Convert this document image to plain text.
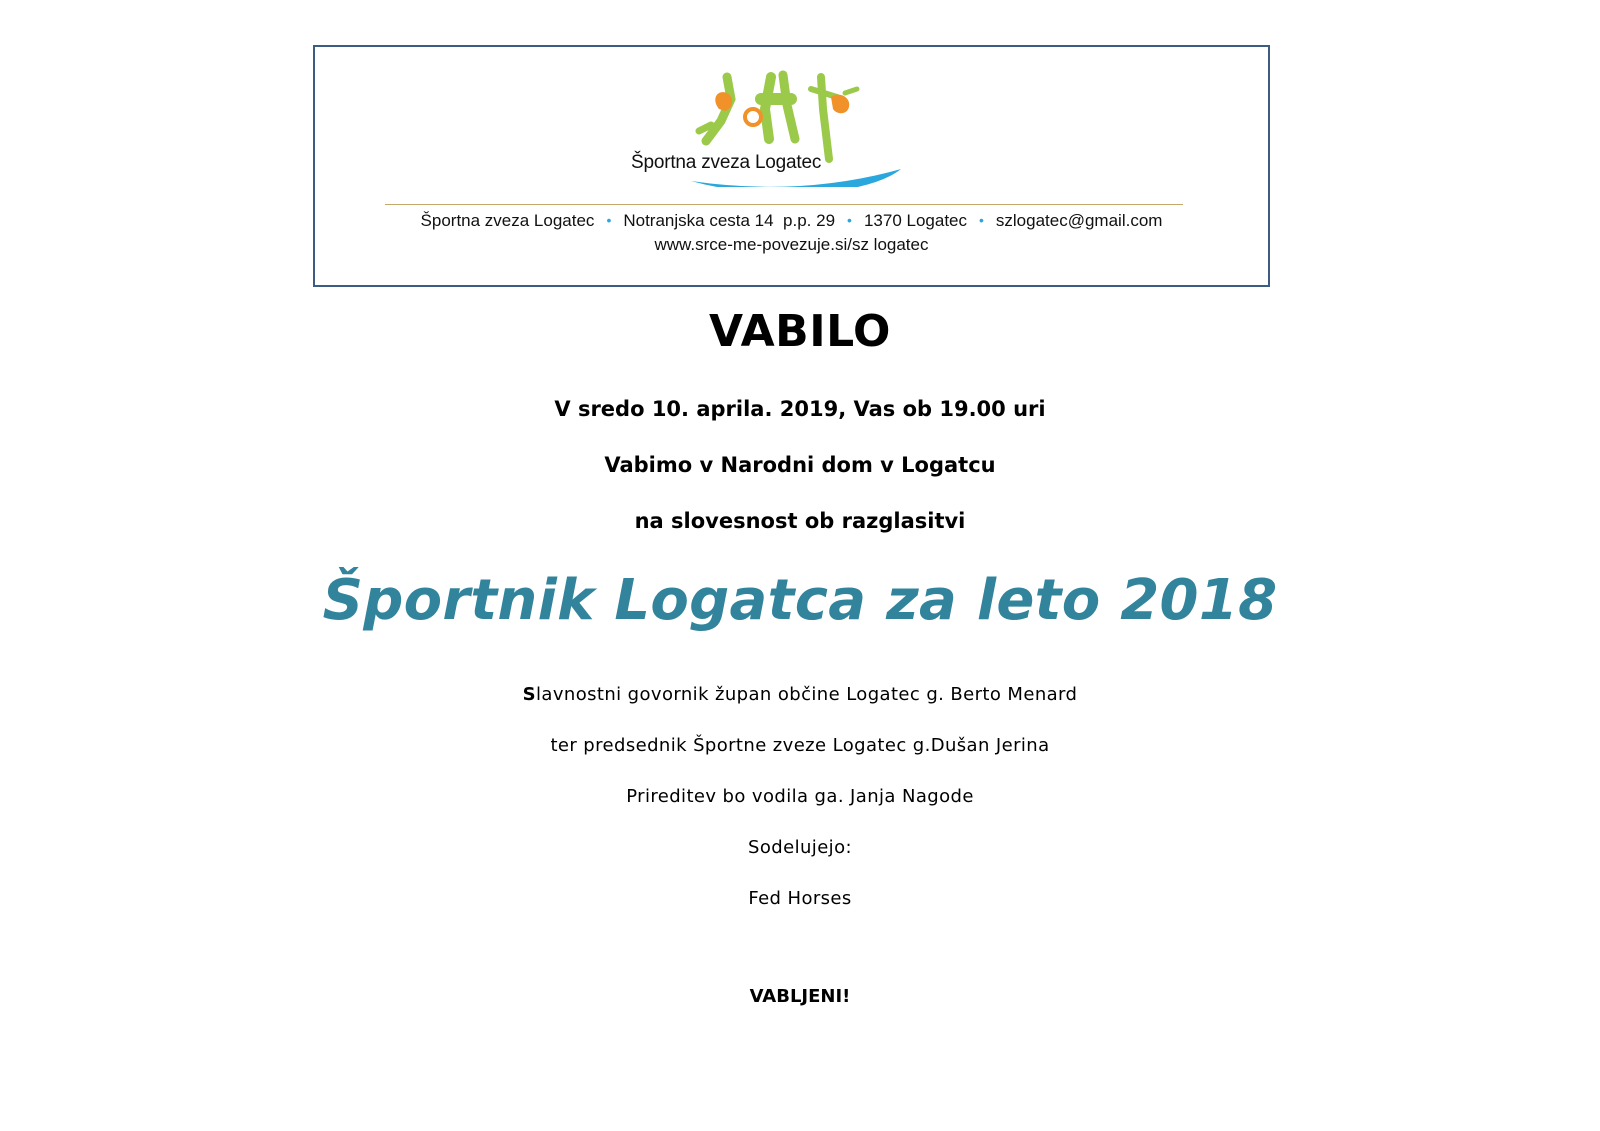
Športna zveza Logatec
Športna zveza Logatec • Notranjska cesta 14 p.p. 29 • 1370 Logatec • szlogatec@gmail.com
www.srce-me-povezuje.si/sz logatec
VABILO
V sredo 10. aprila. 2019, Vas ob 19.00 uri
Vabimo v Narodni dom v Logatcu
na slovesnost ob razglasitvi
Športnik Logatca za leto 2018
Slavnostni govornik župan občine Logatec g. Berto Menard
ter predsednik Športne zveze Logatec g.Dušan Jerina
Prireditev bo vodila ga. Janja Nagode
Sodelujejo:
Fed Horses
VABLJENI!
